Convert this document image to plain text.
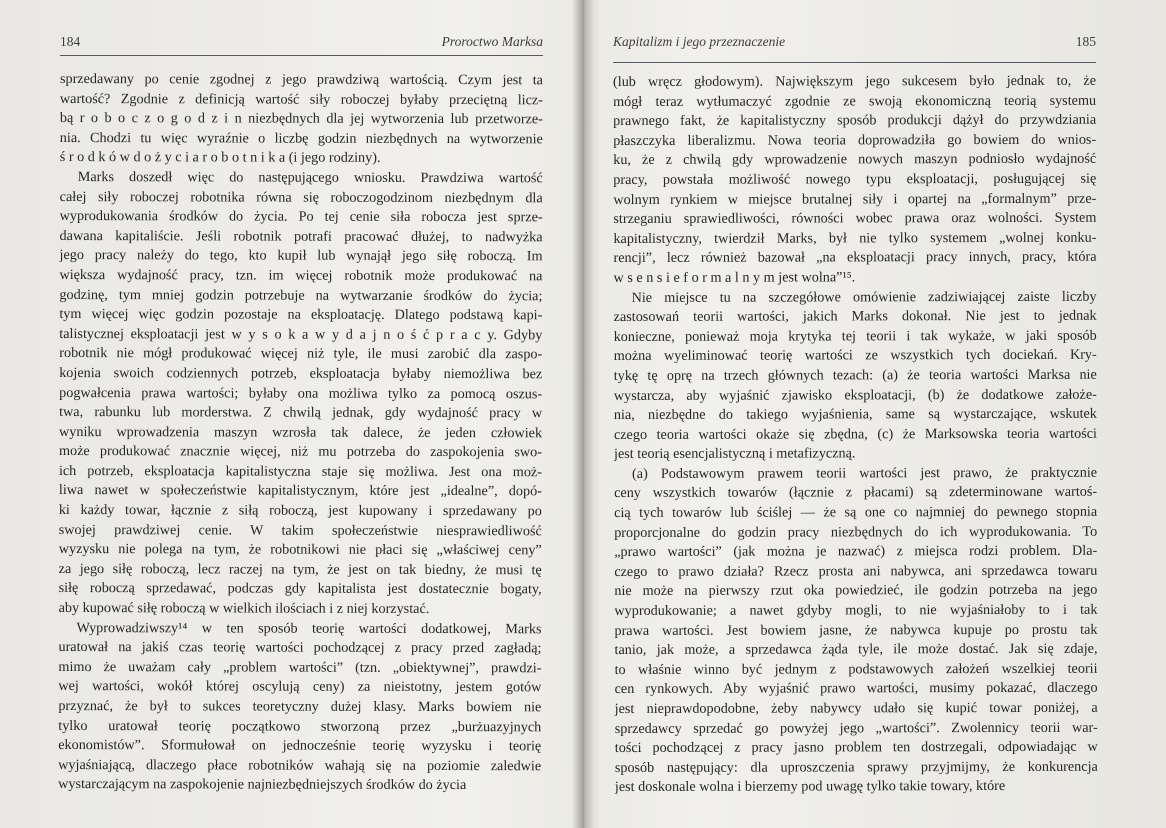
184	Proroctwo Marksa
sprzedawany po cenie zgodnej z jego prawdziwą wartością. Czym jest ta
wartość? Zgodnie z definicją wartość siły roboczej byłaby przeciętną licz-
bą r o b o c z o g o d z i n niezbędnych dla jej wytworzenia lub przetworze-
nia. Chodzi tu więc wyraźnie o liczbę godzin niezbędnych na wytworzenie
ś r o d k ó w d o ż y c i a r o b o t n i k a (i jego rodziny).
Marks doszedł więc do następującego wniosku. Prawdziwa wartość
całej siły roboczej robotnika równa się roboczogodzinom niezbędnym dla
wyprodukowania środków do życia. Po tej cenie siła robocza jest sprze-
dawana kapitaliście. Jeśli robotnik potrafi pracować dłużej, to nadwyżka
jego pracy należy do tego, kto kupił lub wynajął jego siłę roboczą. Im
większa wydajność pracy, tzn. im więcej robotnik może produkować na
godzinę, tym mniej godzin potrzebuje na wytwarzanie środków do życia;
tym więcej więc godzin pozostaje na eksploatację. Dlatego podstawą kapi-
talistycznej eksploatacji jest w y s o k a w y d a j n o ś ć p r a c y. Gdyby
robotnik nie mógł produkować więcej niż tyle, ile musi zarobić dla zaspo-
kojenia swoich codziennych potrzeb, eksploatacja byłaby niemożliwa bez
pogwałcenia prawa wartości; byłaby ona możliwa tylko za pomocą oszus-
twa, rabunku lub morderstwa. Z chwilą jednak, gdy wydajność pracy w
wyniku wprowadzenia maszyn wzrosła tak dalece, że jeden człowiek
może produkować znacznie więcej, niż mu potrzeba do zaspokojenia swo-
ich potrzeb, eksploatacja kapitalistyczna staje się możliwa. Jest ona moż-
liwa nawet w społeczeństwie kapitalistycznym, które jest „idealne”, dopó-
ki każdy towar, łącznie z siłą roboczą, jest kupowany i sprzedawany po
swojej prawdziwej cenie. W takim społeczeństwie niesprawiedliwość
wyzysku nie polega na tym, że robotnikowi nie płaci się „właściwej ceny”
za jego siłę roboczą, lecz raczej na tym, że jest on tak biedny, że musi tę
siłę roboczą sprzedawać, podczas gdy kapitalista jest dostatecznie bogaty,
aby kupować siłę roboczą w wielkich ilościach i z niej korzystać.
Wyprowadziwszy¹⁴ w ten sposób teorię wartości dodatkowej, Marks
uratował na jakiś czas teorię wartości pochodzącej z pracy przed zagładą;
mimo że uważam cały „problem wartości” (tzn. „obiektywnej”, prawdzi-
wej wartości, wokół której oscylują ceny) za nieistotny, jestem gotów
przyznać, że był to sukces teoretyczny dużej klasy. Marks bowiem nie
tylko uratował teorię początkowo stworzoną przez „burżuazyjnych
ekonomistów”. Sformułował on jednocześnie teorię wyzysku i teorię
wyjaśniającą, dlaczego płace robotników wahają się na poziomie zaledwie
wystarczającym na zaspokojenie najniezbędniejszych środków do życia
Kapitalizm i jego przeznaczenie	185
(lub wręcz głodowym). Największym jego sukcesem było jednak to, że
mógł teraz wytłumaczyć zgodnie ze swoją ekonomiczną teorią systemu
prawnego fakt, że kapitalistyczny sposób produkcji dążył do przywdziania
płaszczyka liberalizmu. Nowa teoria doprowadziła go bowiem do wnios-
ku, że z chwilą gdy wprowadzenie nowych maszyn podniosło wydajność
pracy, powstała możliwość nowego typu eksploatacji, posługującej się
wolnym rynkiem w miejsce brutalnej siły i opartej na „formalnym” prze-
strzeganiu sprawiedliwości, równości wobec prawa oraz wolności. System
kapitalistyczny, twierdził Marks, był nie tylko systemem „wolnej konku-
rencji”, lecz również bazował „na eksploatacji pracy innych, pracy, która
w s e n s i e f o r m a l n y m jest wolna”¹⁵.
Nie miejsce tu na szczegółowe omówienie zadziwiającej zaiste liczby
zastosowań teorii wartości, jakich Marks dokonał. Nie jest to jednak
konieczne, ponieważ moja krytyka tej teorii i tak wykaże, w jaki sposób
można wyeliminować teorię wartości ze wszystkich tych dociekań. Kry-
tykę tę oprę na trzech głównych tezach: (a) że teoria wartości Marksa nie
wystarcza, aby wyjaśnić zjawisko eksploatacji, (b) że dodatkowe założe-
nia, niezbędne do takiego wyjaśnienia, same są wystarczające, wskutek
czego teoria wartości okaże się zbędna, (c) że Marksowska teoria wartości
jest teorią esencjalistyczną i metafizyczną.
(a) Podstawowym prawem teorii wartości jest prawo, że praktycznie
ceny wszystkich towarów (łącznie z płacami) są zdeterminowane wartoś-
cią tych towarów lub ściślej — że są one co najmniej do pewnego stopnia
proporcjonalne do godzin pracy niezbędnych do ich wyprodukowania. To
„prawo wartości” (jak można je nazwać) z miejsca rodzi problem. Dla-
czego to prawo działa? Rzecz prosta ani nabywca, ani sprzedawca towaru
nie może na pierwszy rzut oka powiedzieć, ile godzin potrzeba na jego
wyprodukowanie; a nawet gdyby mogli, to nie wyjaśniałoby to i tak
prawa wartości. Jest bowiem jasne, że nabywca kupuje po prostu tak
tanio, jak może, a sprzedawca żąda tyle, ile może dostać. Jak się zdaje,
to właśnie winno być jednym z podstawowych założeń wszelkiej teorii
cen rynkowych. Aby wyjaśnić prawo wartości, musimy pokazać, dlaczego
jest nieprawdopodobne, żeby nabywcy udało się kupić towar poniżej, a
sprzedawcy sprzedać go powyżej jego „wartości”. Zwolennicy teorii war-
tości pochodzącej z pracy jasno problem ten dostrzegali, odpowiadając w
sposób następujący: dla uproszczenia sprawy przyjmijmy, że konkurencja
jest doskonale wolna i bierzemy pod uwagę tylko takie towary, które
